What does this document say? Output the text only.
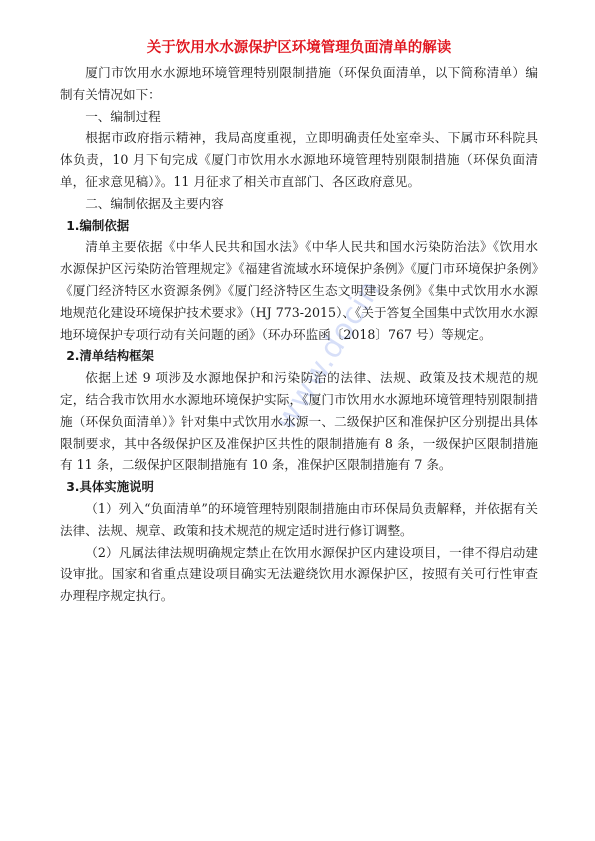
www.docin
关于饮用水水源保护区环境管理负面清单的解读

厦门市饮用水水源地环境管理特别限制措施（环保负面清单，以下简称清单）编制有关情况如下：

一、编制过程

根据市政府指示精神，我局高度重视，立即明确责任处室牵头、下属市环科院具体负责，10 月下旬完成《厦门市饮用水水源地环境管理特别限制措施（环保负面清单，征求意见稿）》。11 月征求了相关市直部门、各区政府意见。

二、编制依据及主要内容

1.编制依据

清单主要依据《中华人民共和国水法》《中华人民共和国水污染防治法》《饮用水水源保护区污染防治管理规定》《福建省流域水环境保护条例》《厦门市环境保护条例》《厦门经济特区水资源条例》《厦门经济特区生态文明建设条例》《集中式饮用水水源地规范化建设环境保护技术要求》（HJ 773-2015）、《关于答复全国集中式饮用水水源地环境保护专项行动有关问题的函》（环办环监函〔2018〕767 号）等规定。

2.清单结构框架

依据上述 9 项涉及水源地保护和污染防治的法律、法规、政策及技术规范的规定，结合我市饮用水水源地环境保护实际，《厦门市饮用水水源地环境管理特别限制措施（环保负面清单）》针对集中式饮用水水源一、二级保护区和准保护区分别提出具体限制要求，其中各级保护区及准保护区共性的限制措施有 8 条，一级保护区限制措施有 11 条，二级保护区限制措施有 10 条，准保护区限制措施有 7 条。

3.具体实施说明

（1）列入“负面清单”的环境管理特别限制措施由市环保局负责解释，并依据有关法律、法规、规章、政策和技术规范的规定适时进行修订调整。

（2）凡属法律法规明确规定禁止在饮用水源保护区内建设项目，一律不得启动建设审批。国家和省重点建设项目确实无法避绕饮用水源保护区，按照有关可行性审查办理程序规定执行。
